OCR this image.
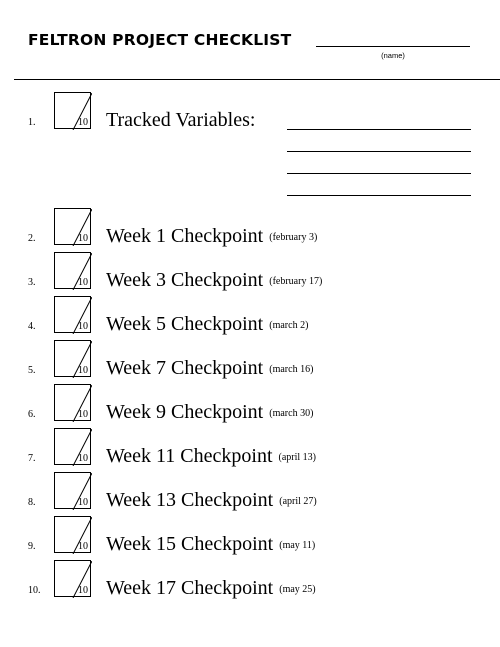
FELTRON PROJECT CHECKLIST
(name)
1.	10 Tracked Variables:
2.	10 Week 1 Checkpoint (february 3)
3.	10 Week 3 Checkpoint (february 17)
4.	10 Week 5 Checkpoint (march 2)
5.	10 Week 7 Checkpoint (march 16)
6.	10 Week 9 Checkpoint (march 30)
7.	10 Week 11 Checkpoint (april 13)
8.	10 Week 13 Checkpoint (april 27)
9.	10 Week 15 Checkpoint (may 11)
10.	10 Week 17 Checkpoint (may 25)
